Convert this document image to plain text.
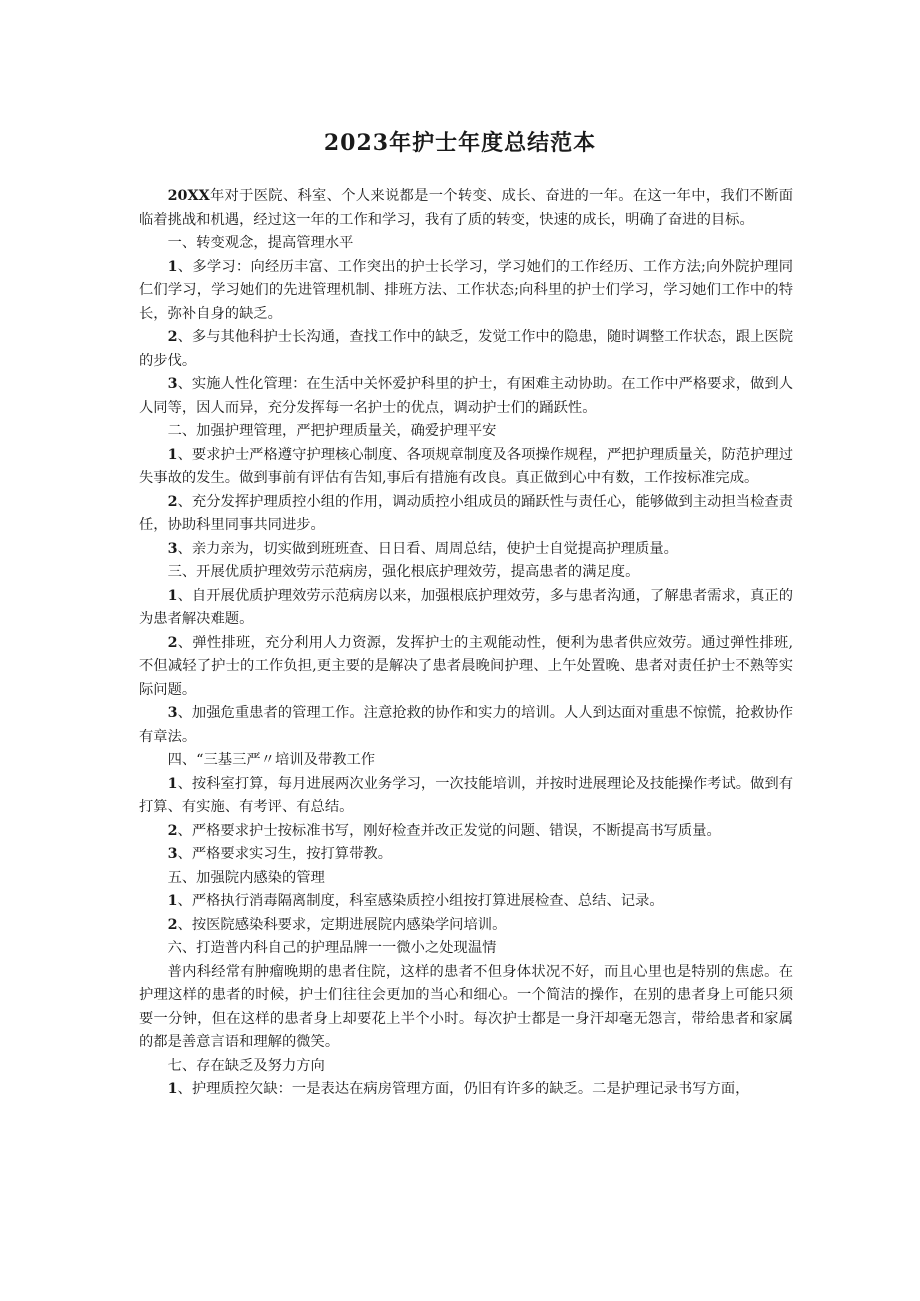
2023年护士年度总结范本

20XX年对于医院、科室、个人来说都是一个转变、成长、奋进的一年。在这一年中，我们不断面临着挑战和机遇，经过这一年的工作和学习，我有了质的转变，快速的成长，明确了奋进的目标。

一、转变观念，提高管理水平

1、多学习：向经历丰富、工作突出的护士长学习，学习她们的工作经历、工作方法;向外院护理同仁们学习，学习她们的先进管理机制、排班方法、工作状态;向科里的护士们学习，学习她们工作中的特长，弥补自身的缺乏。

2、多与其他科护士长沟通，查找工作中的缺乏，发觉工作中的隐患，随时调整工作状态，跟上医院的步伐。

3、实施人性化管理：在生活中关怀爱护科里的护士，有困难主动协助。在工作中严格要求，做到人人同等，因人而异，充分发挥每一名护士的优点，调动护士们的踊跃性。

二、加强护理管理，严把护理质量关，确爱护理平安

1、要求护士严格遵守护理核心制度、各项规章制度及各项操作规程，严把护理质量关，防范护理过失事故的发生。做到事前有评估有告知,事后有措施有改良。真正做到心中有数，工作按标准完成。

2、充分发挥护理质控小组的作用，调动质控小组成员的踊跃性与责任心，能够做到主动担当检查责任，协助科里同事共同进步。

3、亲力亲为，切实做到班班查、日日看、周周总结，使护士自觉提高护理质量。

三、开展优质护理效劳示范病房，强化根底护理效劳，提高患者的满足度。

1、自开展优质护理效劳示范病房以来，加强根底护理效劳，多与患者沟通，了解患者需求，真正的为患者解决难题。

2、弹性排班，充分利用人力资源，发挥护士的主观能动性，便利为患者供应效劳。通过弹性排班,不但减轻了护士的工作负担,更主要的是解决了患者晨晚间护理、上午处置晚、患者对责任护士不熟等实际问题。

3、加强危重患者的管理工作。注意抢救的协作和实力的培训。人人到达面对重患不惊慌，抢救协作有章法。

四、“三基三严〃培训及带教工作

1、按科室打算，每月进展两次业务学习，一次技能培训，并按时进展理论及技能操作考试。做到有打算、有实施、有考评、有总结。

2、严格要求护士按标准书写，刚好检查并改正发觉的问题、错误，不断提高书写质量。

3、严格要求实习生，按打算带教。

五、加强院内感染的管理

1、严格执行消毒隔离制度，科室感染质控小组按打算进展检查、总结、记录。

2、按医院感染科要求，定期进展院内感染学问培训。

六、打造普内科自己的护理品牌一一微小之处现温情

普内科经常有肿瘤晚期的患者住院，这样的患者不但身体状况不好，而且心里也是特别的焦虑。在护理这样的患者的时候，护士们往往会更加的当心和细心。一个简洁的操作，在别的患者身上可能只须要一分钟，但在这样的患者身上却要花上半个小时。每次护士都是一身汗却毫无怨言，带给患者和家属的都是善意言语和理解的微笑。

七、存在缺乏及努力方向

1、护理质控欠缺：一是表达在病房管理方面，仍旧有许多的缺乏。二是护理记录书写方面，
